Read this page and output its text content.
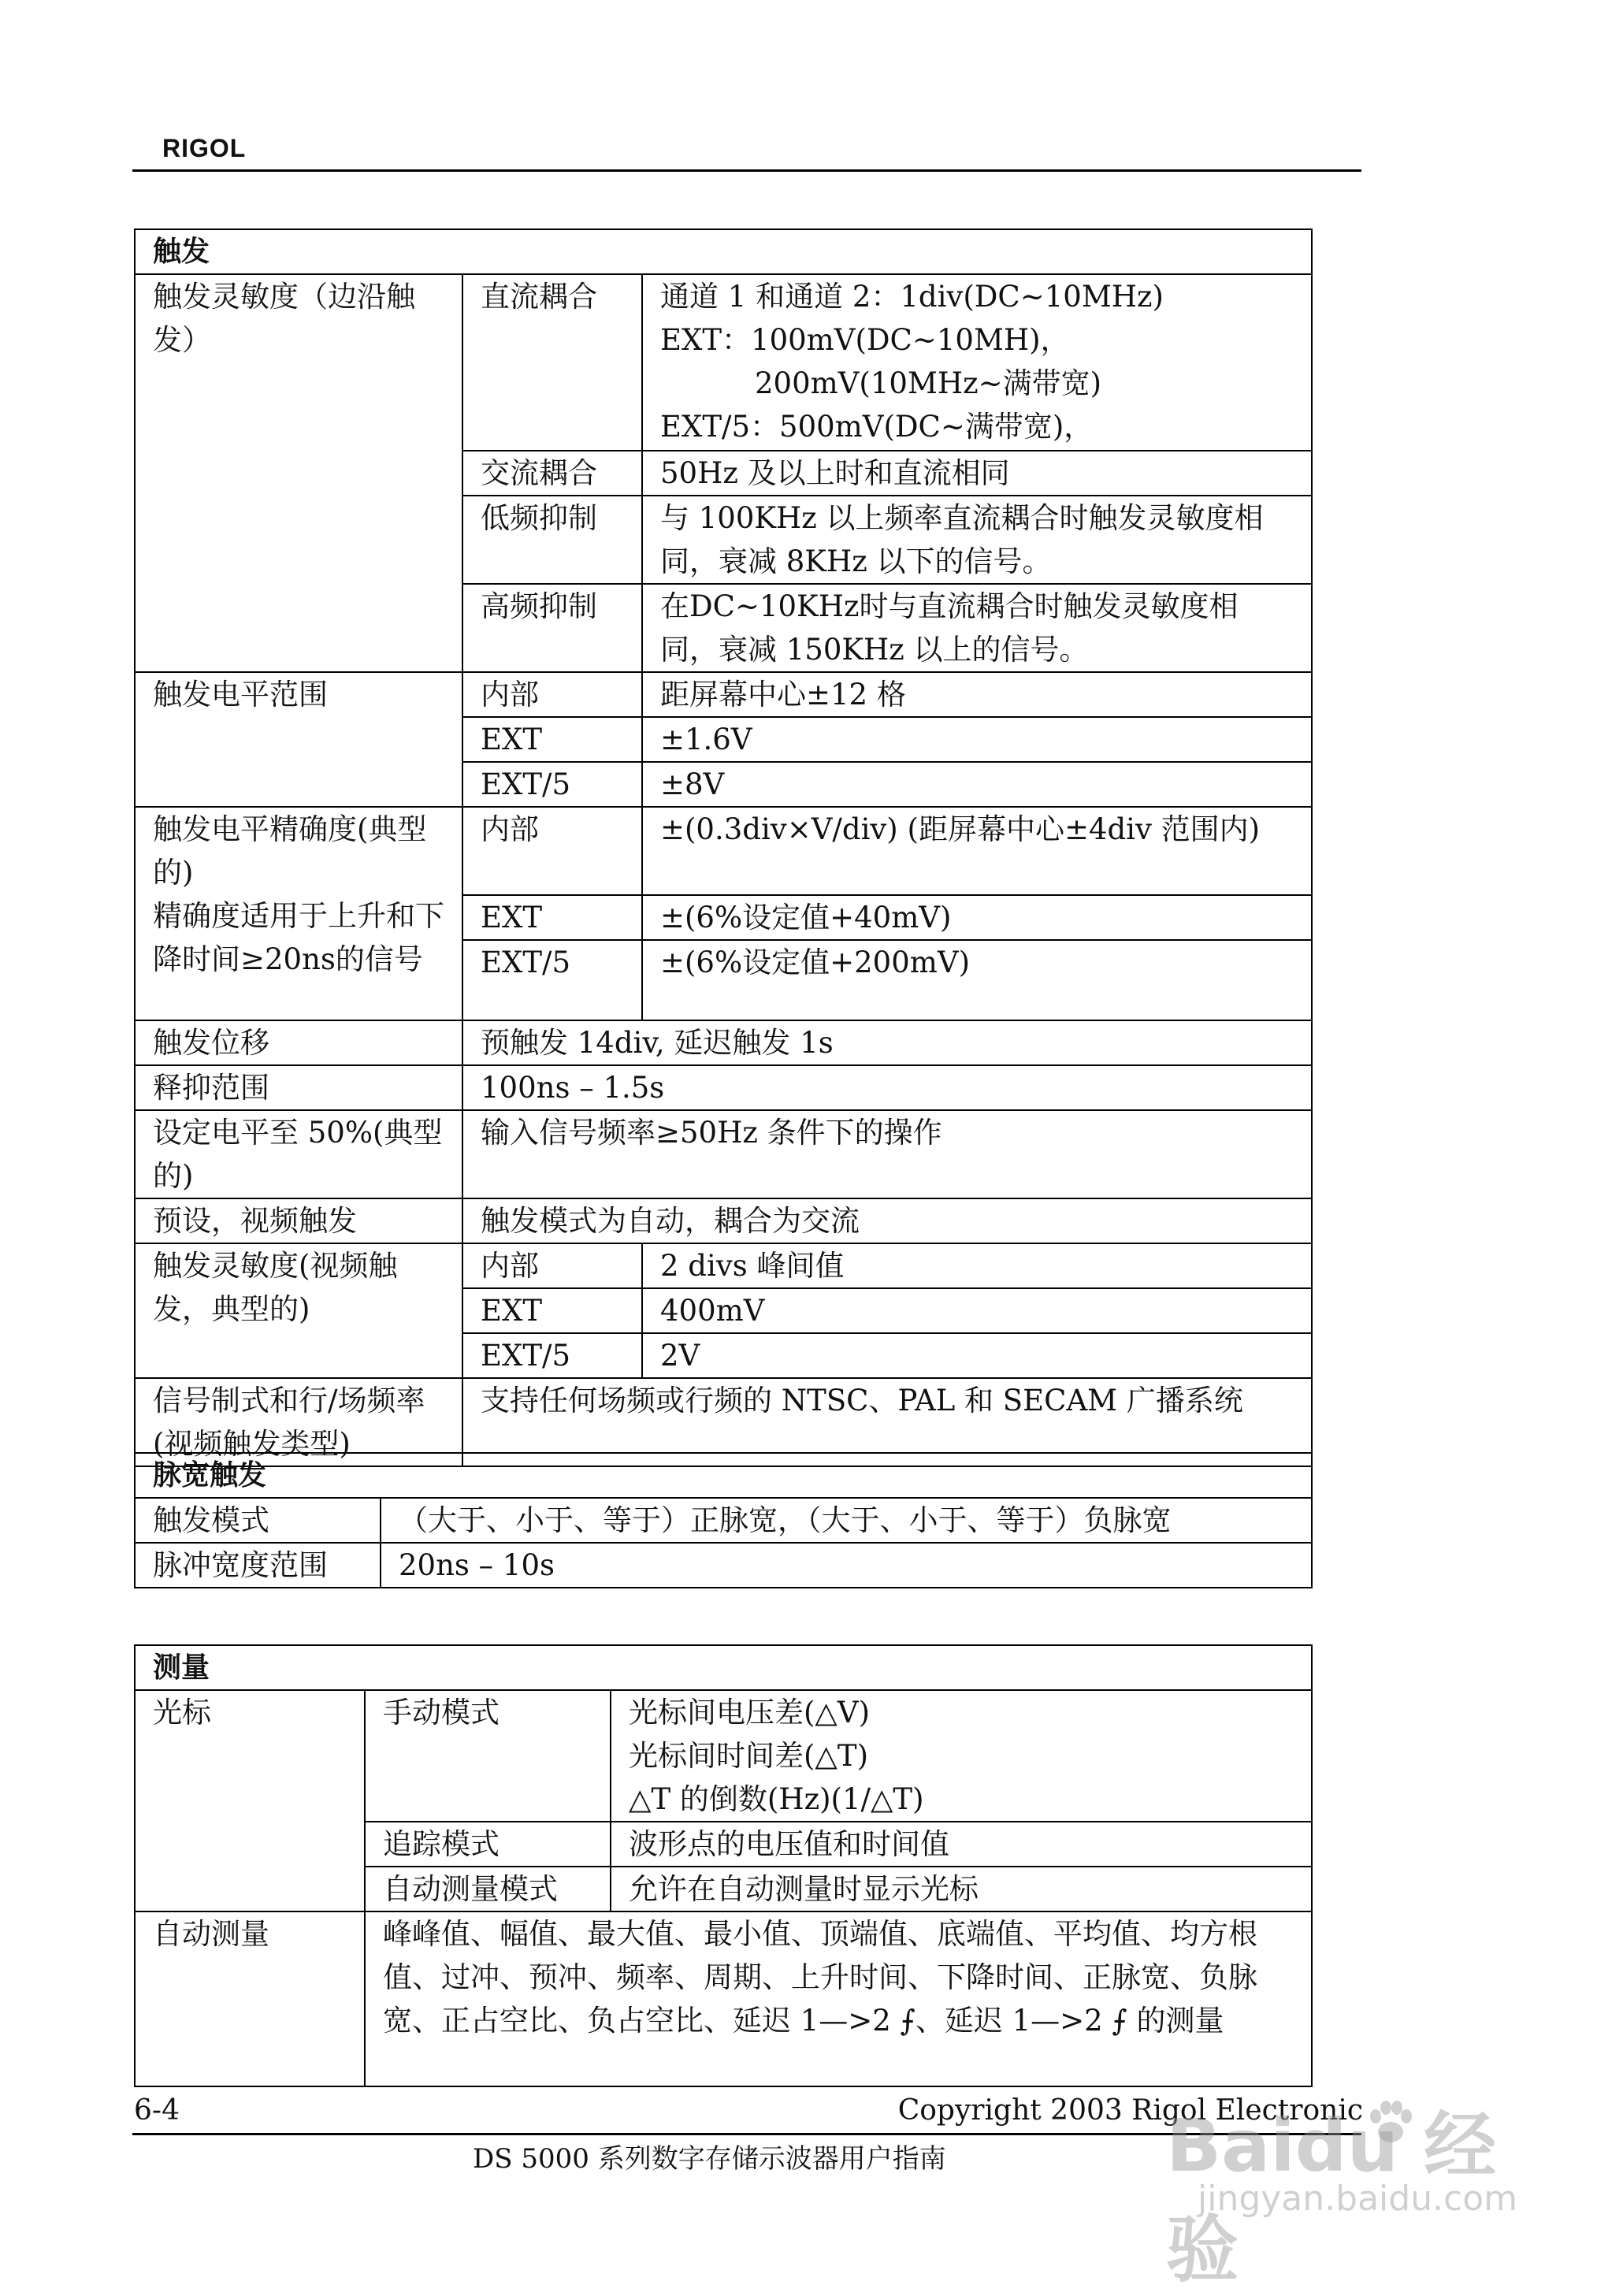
RIGOL
触发		
触发灵敏度（边沿触发）	直流耦合	通道 1 和通道 2：1div(DC~10MHz)
EXT：100mV(DC~10MH)，
200mV(10MHz~满带宽)
EXT/5：500mV(DC~满带宽)，

	交流耦合	50Hz 及以上时和直流相同
	低频抑制	与 100KHz 以上频率直流耦合时触发灵敏度相同，衰减 8KHz 以下的信号。
	高频抑制	在DC~10KHz时与直流耦合时触发灵敏度相同，衰减 150KHz 以上的信号。
触发电平范围	内部	距屏幕中心±12 格
	EXT	±1.6V
	EXT/5	±8V

触发电平精确度(典型的)
精确度适用于上升和下降时间≥20ns的信号	内部	±(0.3div×V/div) (距屏幕中心±4div 范围内)
	EXT	±(6%设定值+40mV)
	EXT/5	±(6%设定值+200mV)
触发位移	预触发 14div, 延迟触发 1s	
释抑范围	100ns – 1.5s	
设定电平至 50%(典型的)	输入信号频率≥50Hz 条件下的操作	
预设，视频触发	触发模式为自动，耦合为交流	
触发灵敏度(视频触发，典型的)	内部	2 divs 峰间值
	EXT	400mV
	EXT/5	2V
信号制式和行/场频率(视频触发类型)	支持任何场频或行频的 NTSC、PAL 和 SECAM 广播系统	
脉宽触发	
触发模式	（大于、小于、等于）正脉宽，（大于、小于、等于）负脉宽
脉冲宽度范围	20ns – 10s
测量		
光标	手动模式	光标间电压差(△V)
光标间时间差(△T)
△T 的倒数(Hz)(1/△T)

	追踪模式	波形点的电压值和时间值
	自动测量模式	允许在自动测量时显示光标
自动测量	峰峰值、幅值、最大值、最小值、顶端值、底端值、平均值、均方根值、过冲、预冲、频率、周期、上升时间、下降时间、正脉宽、负脉宽、正占空比、负占空比、延迟 1—>2 ⨍、延迟 1—>2 ⨍ 的测量	
6-4	Copyright 2003 Rigol Electronic
DS 5000 系列数字存储示波器用户指南	Baidu 经验
jingyan.baidu.com
